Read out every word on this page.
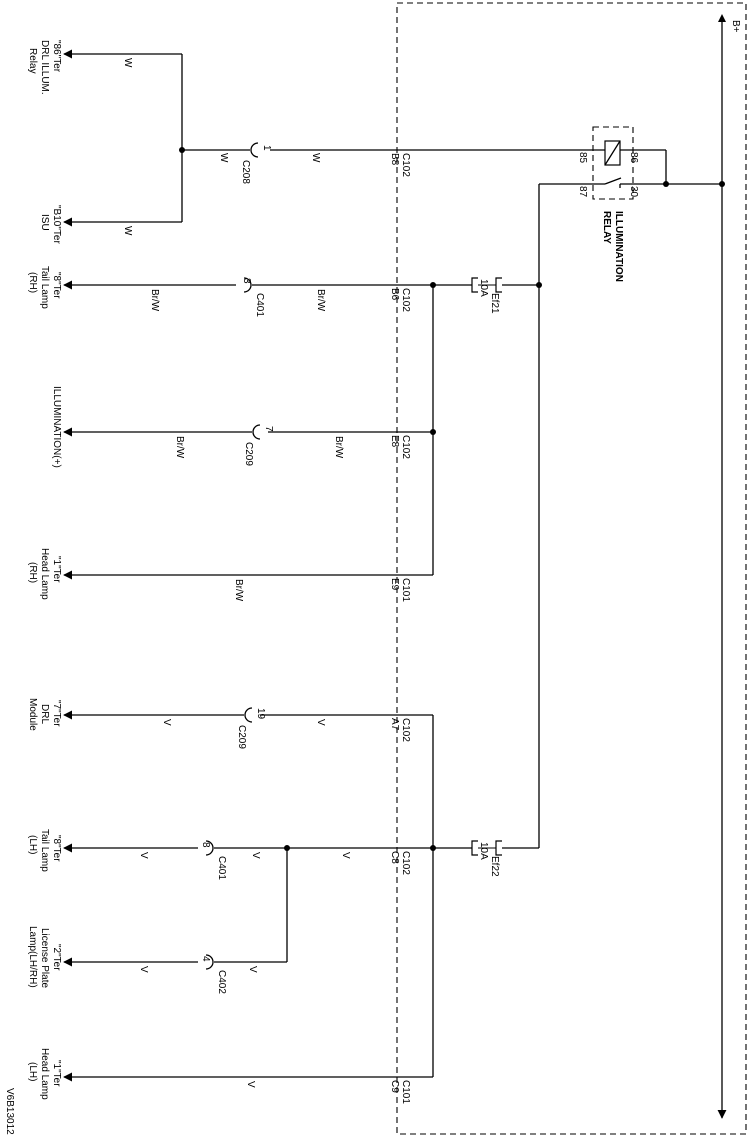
B+
85	86
87	30
ILLUMINATION
RELAY
10A
Ef21
10A
Ef22
1
C208
3
C401
7
C209
19
C209
8
C401
4
C402
C102
B8
C102
B6
C102
E8
C101
E9
C102
A7
C102
C8
C101
C9
W
W	W
W
Br/W	Br/W
Br/W	Br/W
Br/W
V	V
V	V	V
V	V
V
"86"Ter
DRL ILLUM.
Relay
"B10"Ter
ISU
"8"Ter
Tail Lamp
(RH)
ILLUMINATION(+)
"1"Ter
Head Lamp
(RH)
"7"Ter
DRL
Module
"8"Ter
Tail Lamp
(LH)
"2"Ter
License Plate
Lamp(LH/RH)
"1"Ter
Head Lamp
(LH)
V6B13012
